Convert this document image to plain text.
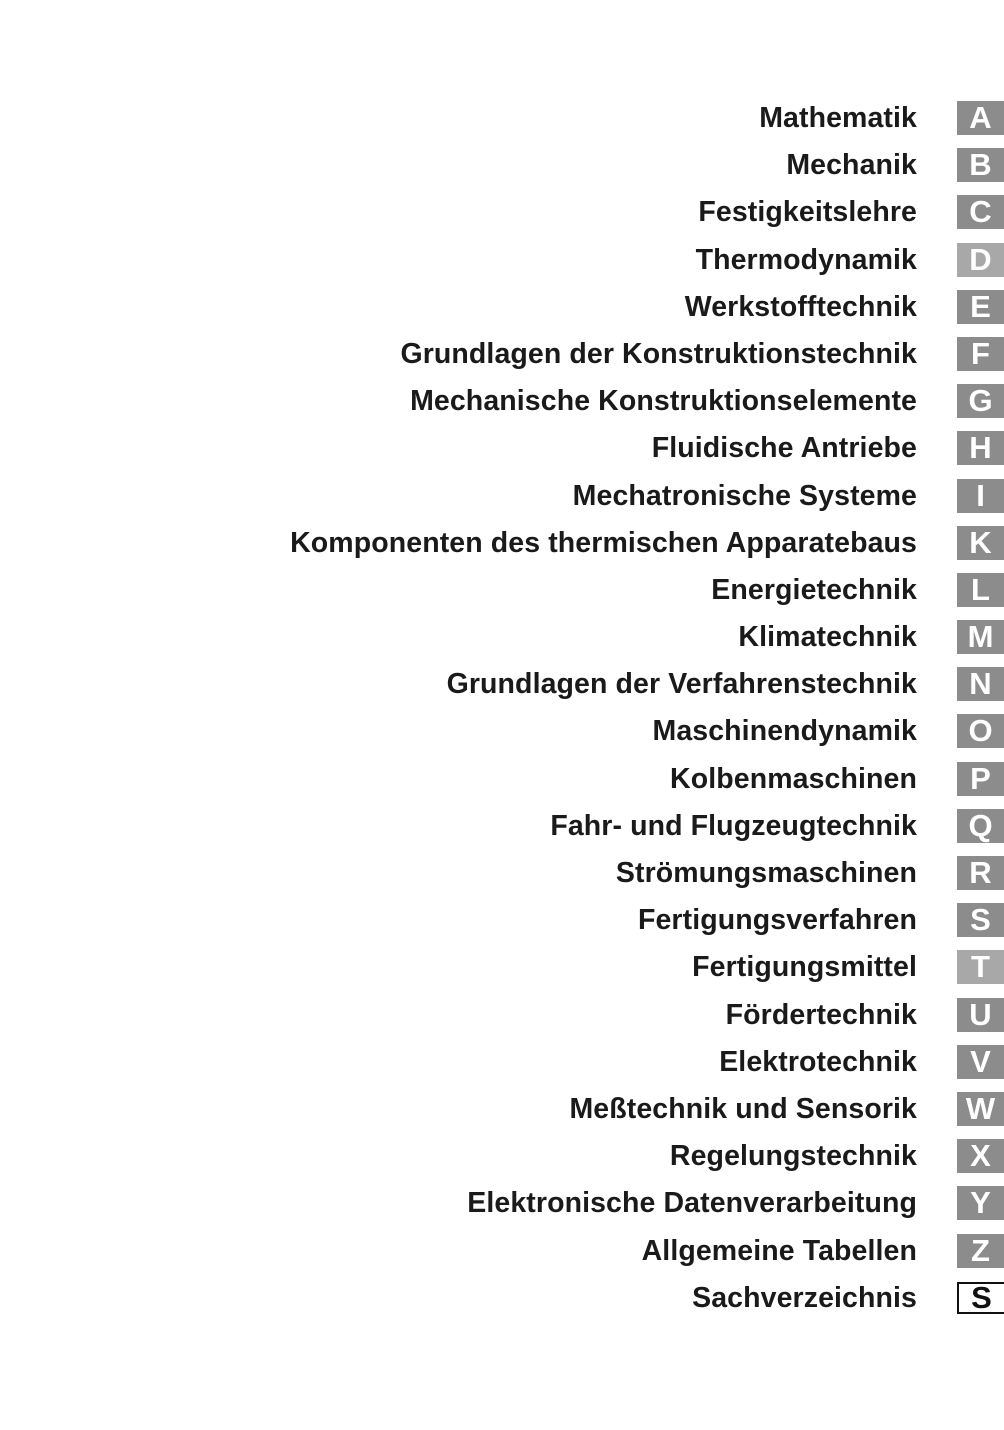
Mathematik	A
Mechanik	B
Festigkeitslehre	C
Thermodynamik	D
Werkstofftechnik	E
Grundlagen der Konstruktionstechnik	F
Mechanische Konstruktionselemente	G
Fluidische Antriebe	H
Mechatronische Systeme	I
Komponenten des thermischen Apparatebaus	K
Energietechnik	L
Klimatechnik	M
Grundlagen der Verfahrenstechnik	N
Maschinendynamik	O
Kolbenmaschinen	P
Fahr- und Flugzeugtechnik	Q
Strömungsmaschinen	R
Fertigungsverfahren	S
Fertigungsmittel	T
Fördertechnik	U
Elektrotechnik	V
Meßtechnik und Sensorik W
Regelungstechnik	X
Elektronische Datenverarbeitung	Y
Allgemeine Tabellen	Z
Sachverzeichnis	S
